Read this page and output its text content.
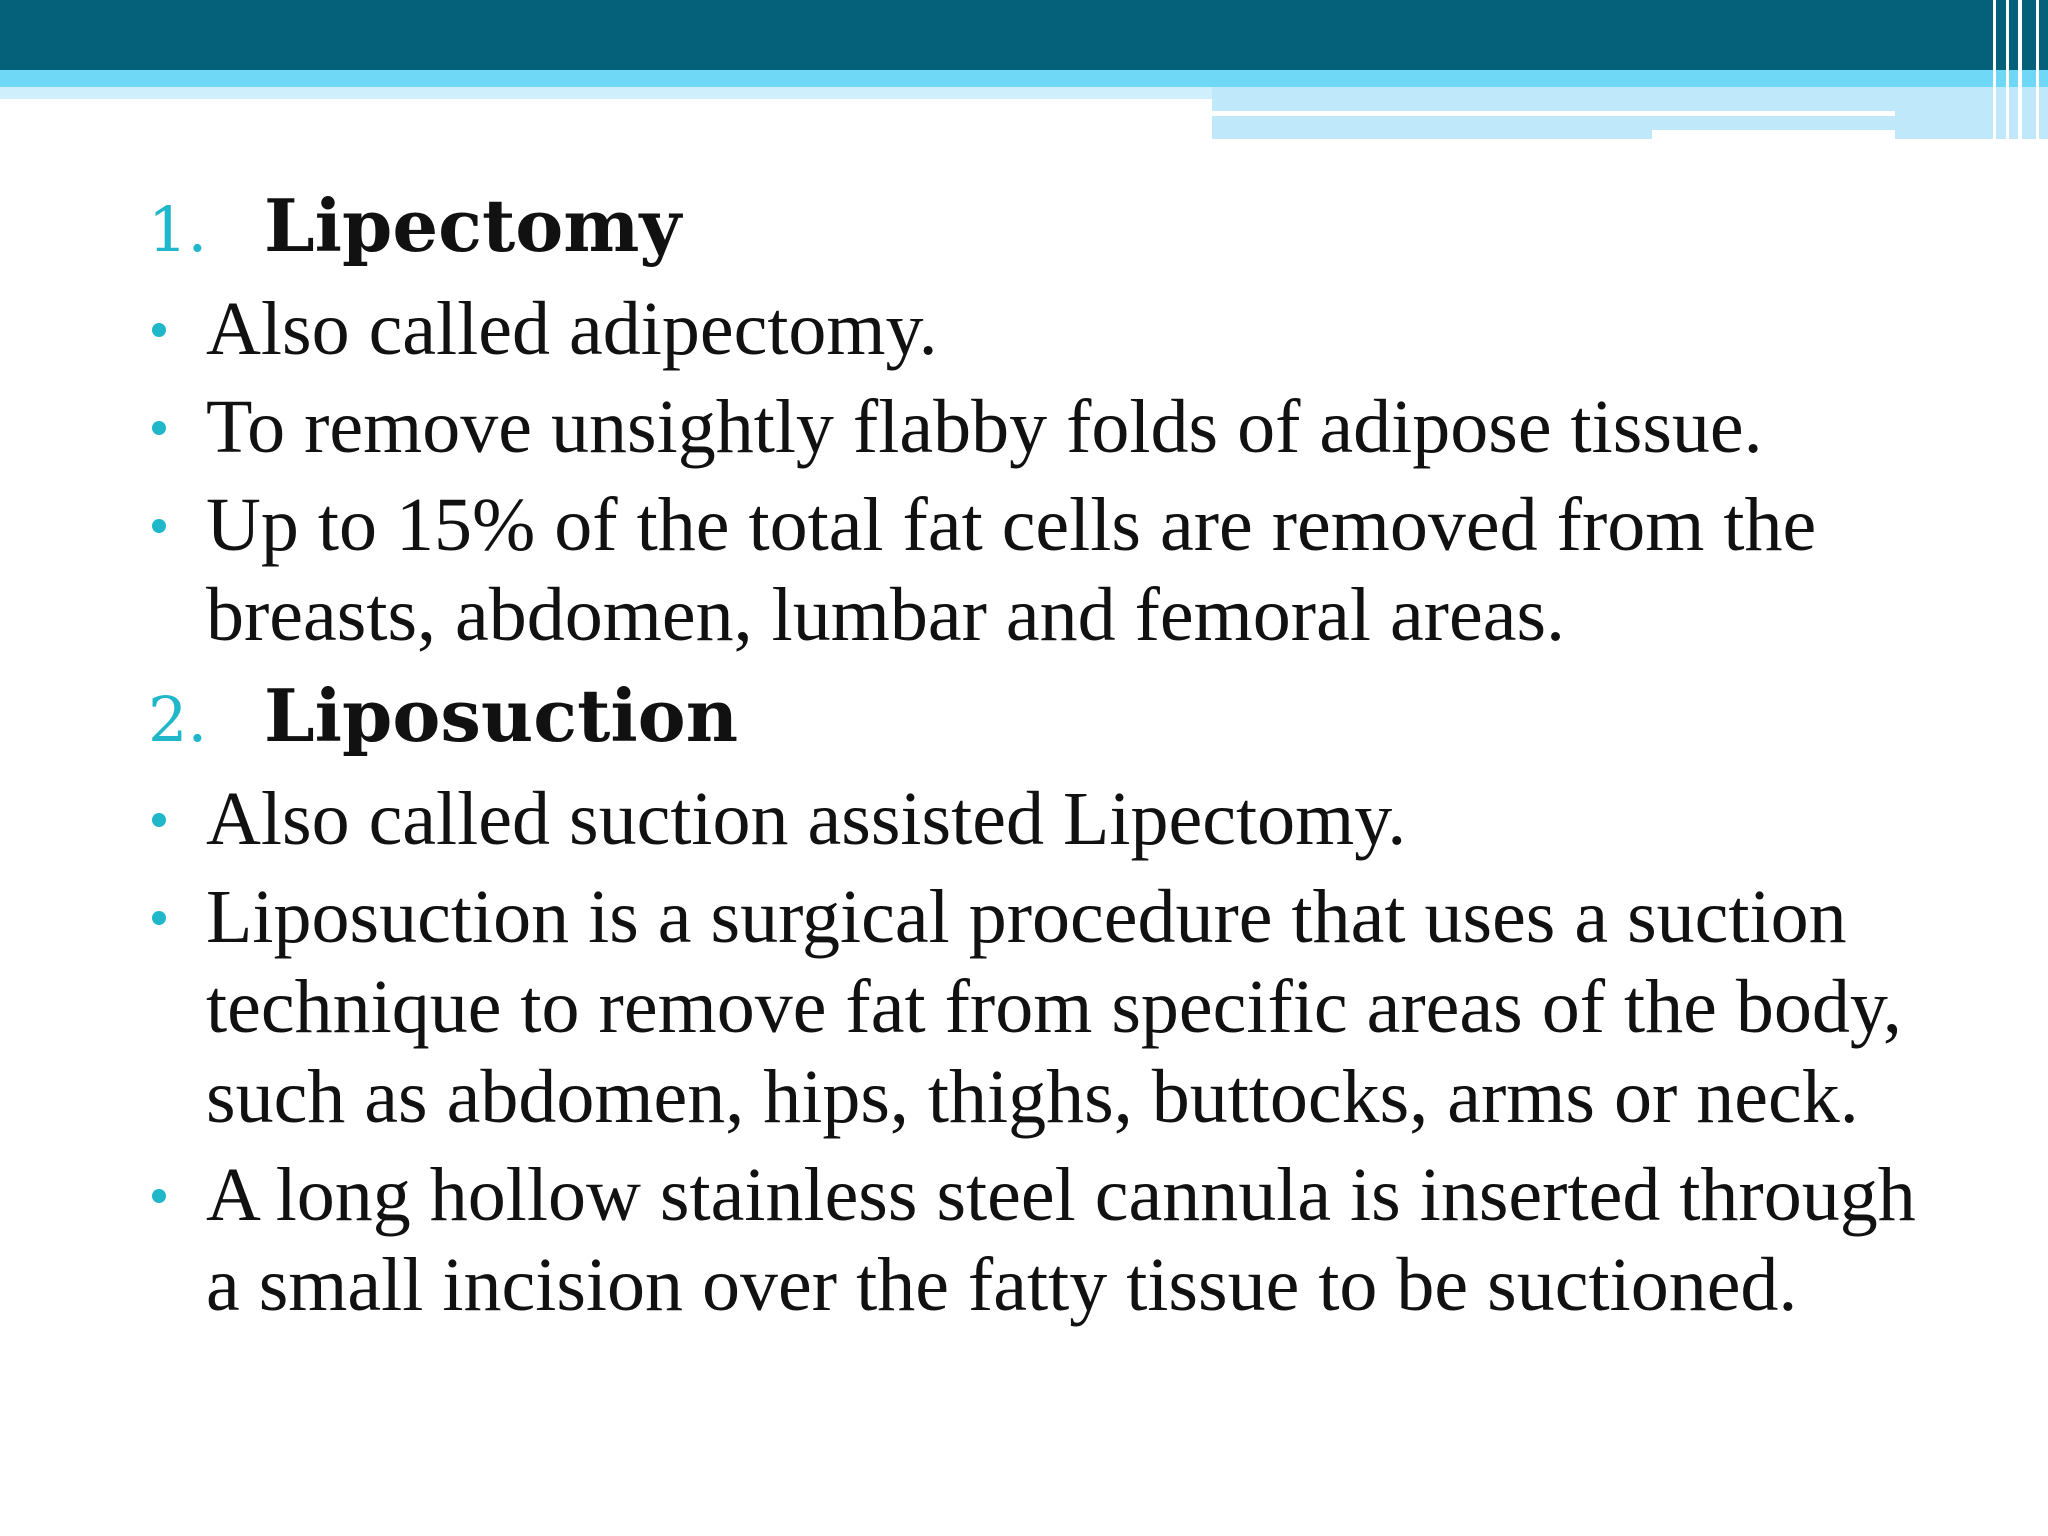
1. Lipectomy
Also called adipectomy.
To remove unsightly flabby folds of adipose tissue.
Up to 15% of the total fat cells are removed from the breasts, abdomen, lumbar and femoral areas.
2. Liposuction
Also called suction assisted Lipectomy.
Liposuction is a surgical procedure that uses a suction technique to remove fat from specific areas of the body, such as abdomen, hips, thighs, buttocks, arms or neck.
A long hollow stainless steel cannula is inserted through a small incision over the fatty tissue to be suctioned.
